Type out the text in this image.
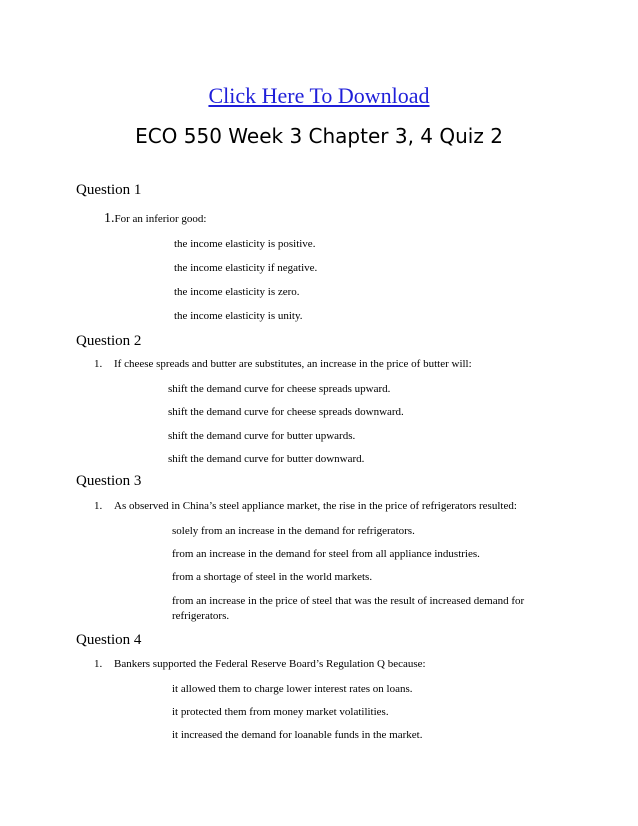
Click Here To Download
ECO 550 Week 3 Chapter 3, 4 Quiz 2
Question 1
1.For an inferior good:
the income elasticity is positive.
the income elasticity if negative.
the income elasticity is zero.
the income elasticity is unity.
Question 2
1. If cheese spreads and butter are substitutes, an increase in the price of butter will:
shift the demand curve for cheese spreads upward.
shift the demand curve for cheese spreads downward.
shift the demand curve for butter upwards.
shift the demand curve for butter downward.
Question 3
1. As observed in China’s steel appliance market, the rise in the price of refrigerators resulted:
solely from an increase in the demand for refrigerators.
from an increase in the demand for steel from all appliance industries.
from a shortage of steel in the world markets.
from an increase in the price of steel that was the result of increased demand for refrigerators.
Question 4
1. Bankers supported the Federal Reserve Board’s Regulation Q because:
it allowed them to charge lower interest rates on loans.
it protected them from money market volatilities.
it increased the demand for loanable funds in the market.
